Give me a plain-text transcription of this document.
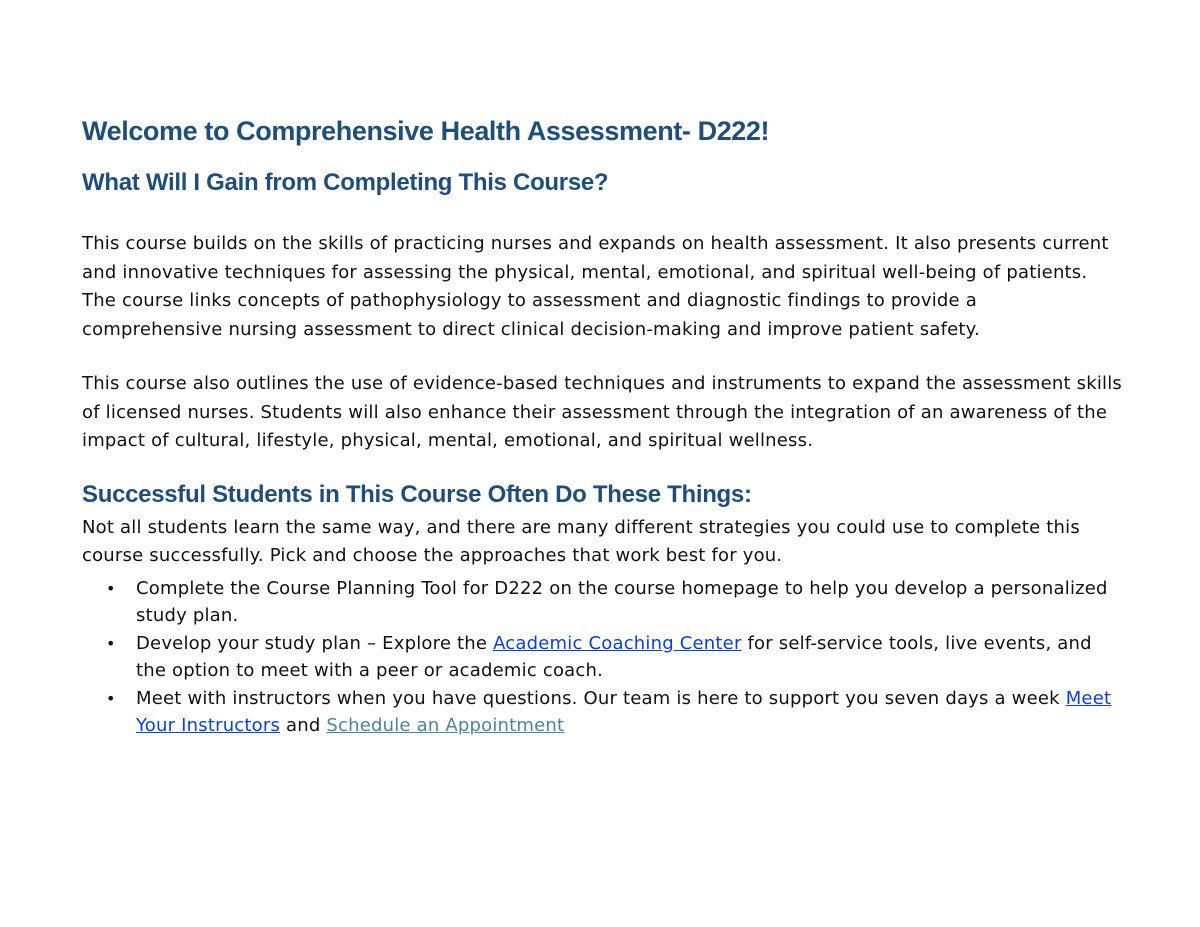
Welcome to Comprehensive Health Assessment- D222!
What Will I Gain from Completing This Course?

This course builds on the skills of practicing nurses and expands on health assessment. It also presents current and innovative techniques for assessing the physical, mental, emotional, and spiritual well-being of patients. The course links concepts of pathophysiology to assessment and diagnostic findings to provide a comprehensive nursing assessment to direct clinical decision-making and improve patient safety.

This course also outlines the use of evidence-based techniques and instruments to expand the assessment skills of licensed nurses. Students will also enhance their assessment through the integration of an awareness of the impact of cultural, lifestyle, physical, mental, emotional, and spiritual wellness.

Successful Students in This Course Often Do These Things:

Not all students learn the same way, and there are many different strategies you could use to complete this course successfully. Pick and choose the approaches that work best for you.

• Complete the Course Planning Tool for D222 on the course homepage to help you develop a personalized study plan.
• Develop your study plan – Explore the Academic Coaching Center for self-service tools, live events, and the option to meet with a peer or academic coach.
• Meet with instructors when you have questions. Our team is here to support you seven days a week Meet Your Instructors and Schedule an Appointment
